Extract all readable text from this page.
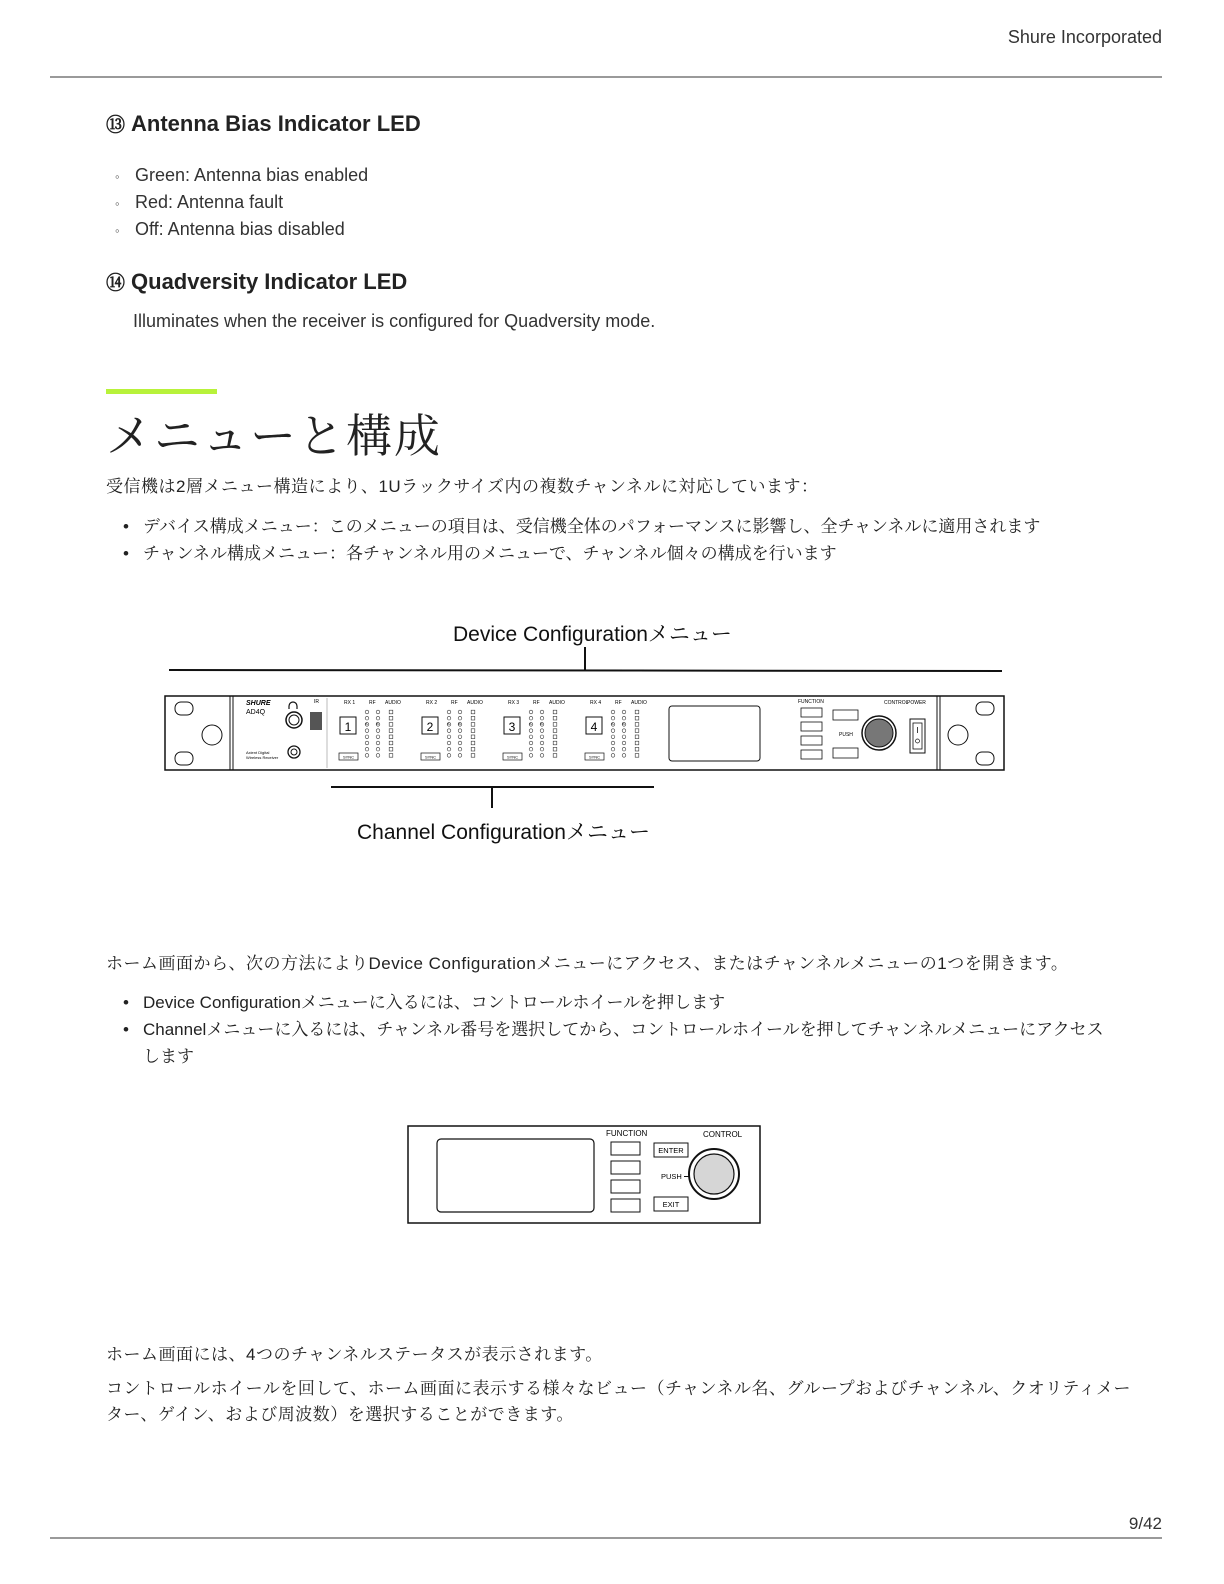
Shure Incorporated
⑬ Antenna Bias Indicator LED
◦ Green: Antenna bias enabled
◦ Red: Antenna fault
◦ Off: Antenna bias disabled
⑭ Quadversity Indicator LED
Illuminates when the receiver is configured for Quadversity mode.
メニューと構成
受信機は2層メニュー構造により、1Uラックサイズ内の複数チャンネルに対応しています：
• デバイス構成メニュー：このメニューの項目は、受信機全体のパフォーマンスに影響し、全チャンネルに適用されます
• チャンネル構成メニュー：各チャンネル用のメニューで、チャンネル個々の構成を行います
Device Configurationメニュー
Channel Configurationメニュー
SHURE
AD4Q
Axient Digital
Wireless Receiver
IR	RX 1	RF AUDIO
1
SYNC
A B
RX 2	RF AUDIO
2
SYNC
A B
RX 3	RF AUDIO
3
SYNC
A B
RX 4	RF AUDIO
4
SYNC
A B
FUNCTION
PUSH
CONTROL
POWER
ホーム画面から、次の方法によりDevice Configurationメニューにアクセス、またはチャンネルメニューの1つを開きます。
• Device Configurationメニューに入るには、コントロールホイールを押します
• Channelメニューに入るには、チャンネル番号を選択してから、コントロールホイールを押してチャンネルメニューにアクセス
します
FUNCTION
ENTER
PUSH
EXIT
CONTROL
ホーム画面には、4つのチャンネルステータスが表示されます。
コントロールホイールを回して、ホーム画面に表示する様々なビュー（チャンネル名、グループおよびチャンネル、クオリティメー
ター、ゲイン、および周波数）を選択することができます。
9/42
